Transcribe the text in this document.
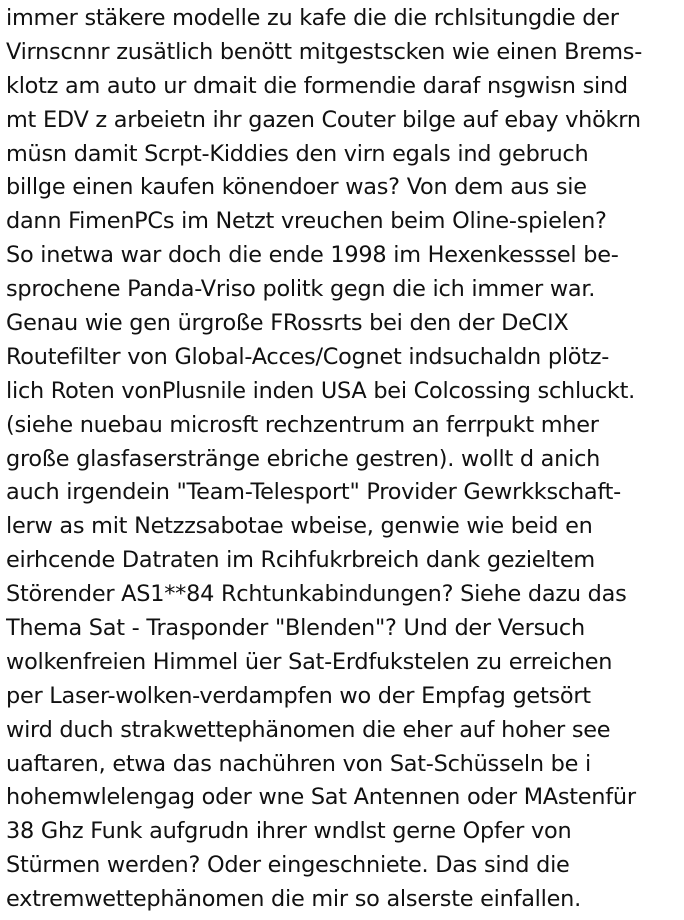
immer stäkere modelle zu kafe die die rchlsitungdie der
Virnscnnr zusätlich benött mitgestscken wie einen Brems-
klotz am auto ur dmait die formendie daraf nsgwisn sind
mt EDV z arbeietn ihr gazen Couter bilge auf ebay vhökrn
müsn damit Scrpt-Kiddies den virn egals ind gebruch
billge einen kaufen könendoer was? Von dem aus sie
dann FimenPCs im Netzt vreuchen beim Oline-spielen?
So inetwa war doch die ende 1998 im Hexenkesssel be-
sprochene Panda-Vriso politk gegn die ich immer war.
Genau wie gen ürgroße FRossrts bei den der DeCIX
Routefilter von Global-Acces/Cognet indsuchaldn plötz-
lich Roten vonPlusnile inden USA bei Colcossing schluckt.
(siehe nuebau microsft rechzentrum an ferrpukt mher
große glasfaserstränge ebriche gestren). wollt d anich
auch irgendein "Team-Telesport" Provider Gewrkkschaft-
lerw as mit Netzzsabotae wbeise, genwie wie beid en
eirhcende Datraten im Rcihfukrbreich dank gezieltem
Störender AS1**84 Rchtunkabindungen? Siehe dazu das
Thema Sat - Trasponder "Blenden"? Und der Versuch
wolkenfreien Himmel üer Sat-Erdfukstelen zu erreichen
per Laser-wolken-verdampfen wo der Empfag getsört
wird duch strakwettephänomen die eher auf hoher see
uaftaren, etwa das nachühren von Sat-Schüsseln be i
hohemwlelengag oder wne Sat Antennen oder MAstenfür
38 Ghz Funk aufgrudn ihrer wndlst gerne Opfer von
Stürmen werden? Oder eingeschniete. Das sind die
extremwettephänomen die mir so alserste einfallen.
